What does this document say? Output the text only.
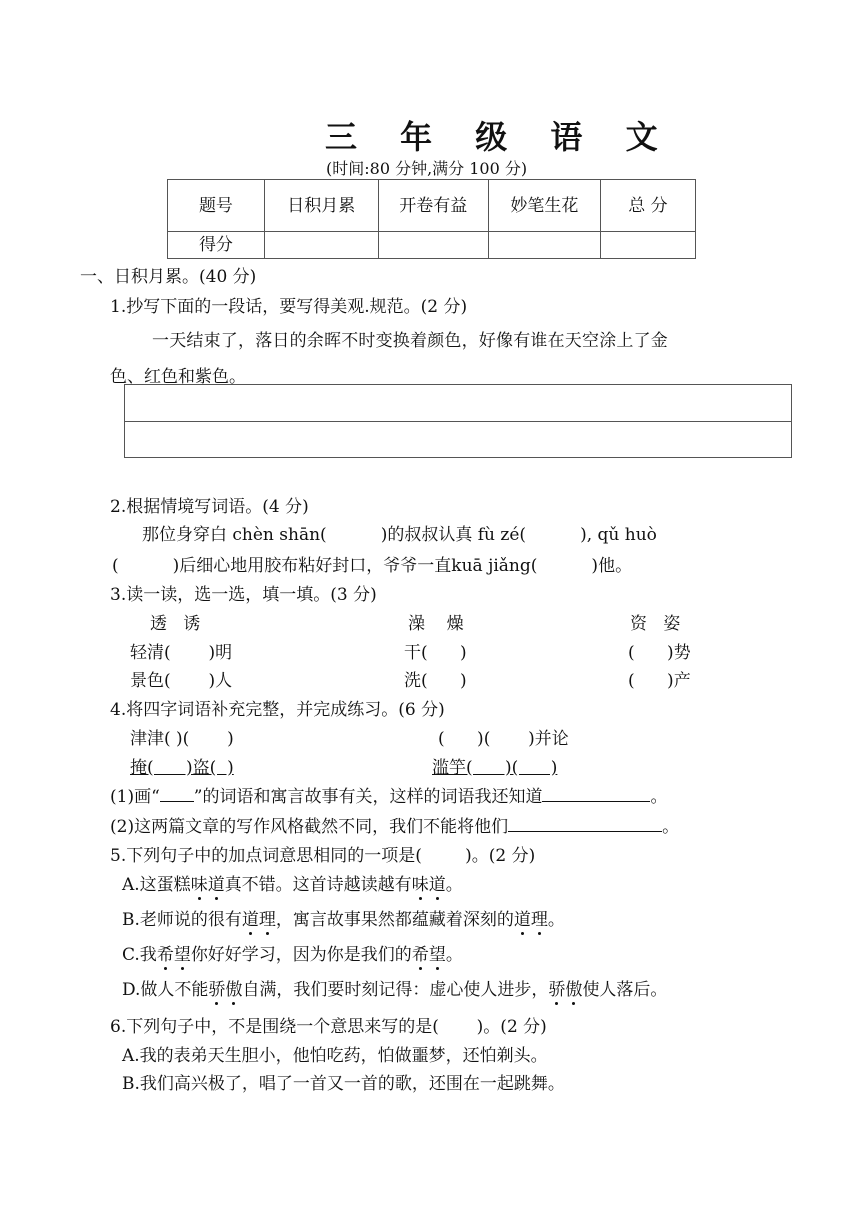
三 年 级 语 文
(时间:80 分钟,满分 100 分)
题号	日积月累	开卷有益	妙笔生花	总 分
得分				
一、日积月累。(40 分)
1.抄写下面的一段话，要写得美观.规范。(2 分)
一天结束了，落日的余晖不时变换着颜色，好像有谁在天空涂上了金
色、红色和紫色。
2.根据情境写词语。(4 分)
那位身穿白 chèn shān(          )的叔叔认真 fù zé(          ), qǔ huò
(          )后细心地用胶布粘好封口，爷爷一直kuā jiǎng(          )他。
3.读一读，选一选，填一填。(3 分)
透   诱	澡    燥	资   姿
轻清(       )明	干(      )	(      )势
景色(       )人	洗(      )	(      )产
4.将四字词语补充完整，并完成练习。(6 分)
津津( )(       )	(      )(       )并论
掩(      )盗(  )	滥竽(      )(      )
(1)画“ ”的词语和寓言故事有关，这样的词语我还知道	。
(2)这两篇文章的写作风格截然不同，我们不能将他们	。
5.下列句子中的加点词意思相同的一项是(        )。(2 分)
A.这蛋糕味道真不错。这首诗越读越有味道。
B.老师说的很有道理，寓言故事果然都蕴藏着深刻的道理。
C.我希望你好好学习，因为你是我们的希望。
D.做人不能骄傲自满，我们要时刻记得：虚心使人进步，骄傲使人落后。
6.下列句子中，不是围绕一个意思来写的是(       )。(2 分)
A.我的表弟天生胆小，他怕吃药，怕做噩梦，还怕剃头。
B.我们高兴极了，唱了一首又一首的歌，还围在一起跳舞。
